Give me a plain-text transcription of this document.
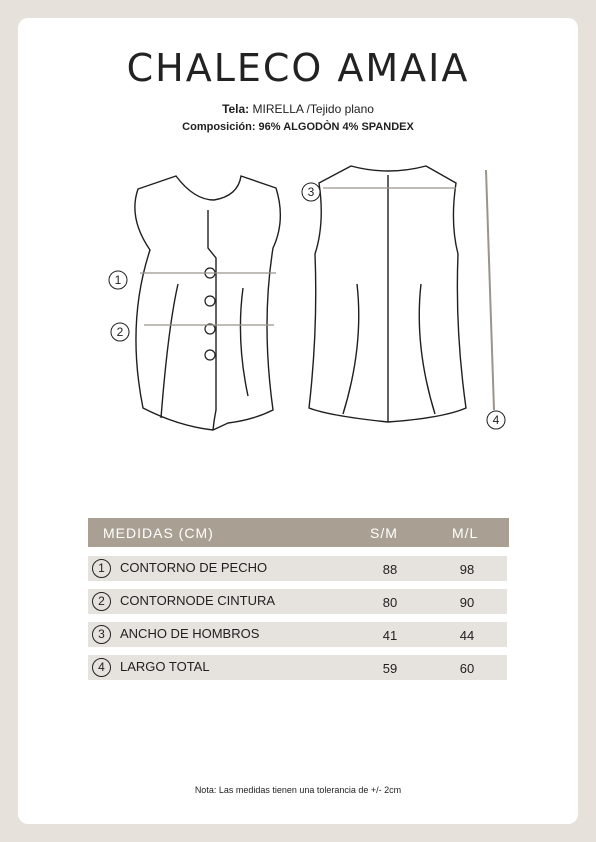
CHALECO AMAIA
Tela: MIRELLA /Tejido plano
Composición: 96% ALGODÒN 4% SPANDEX
1
2
3
4
MEDIDAS (CM)	S/M	M/L
1	CONTORNO DE PECHO	88	98
2	CONTORNODE CINTURA	80	90
3	ANCHO DE HOMBROS	41	44
4	LARGO TOTAL	59	60
Nota: Las medidas tienen una tolerancia de +/- 2cm
